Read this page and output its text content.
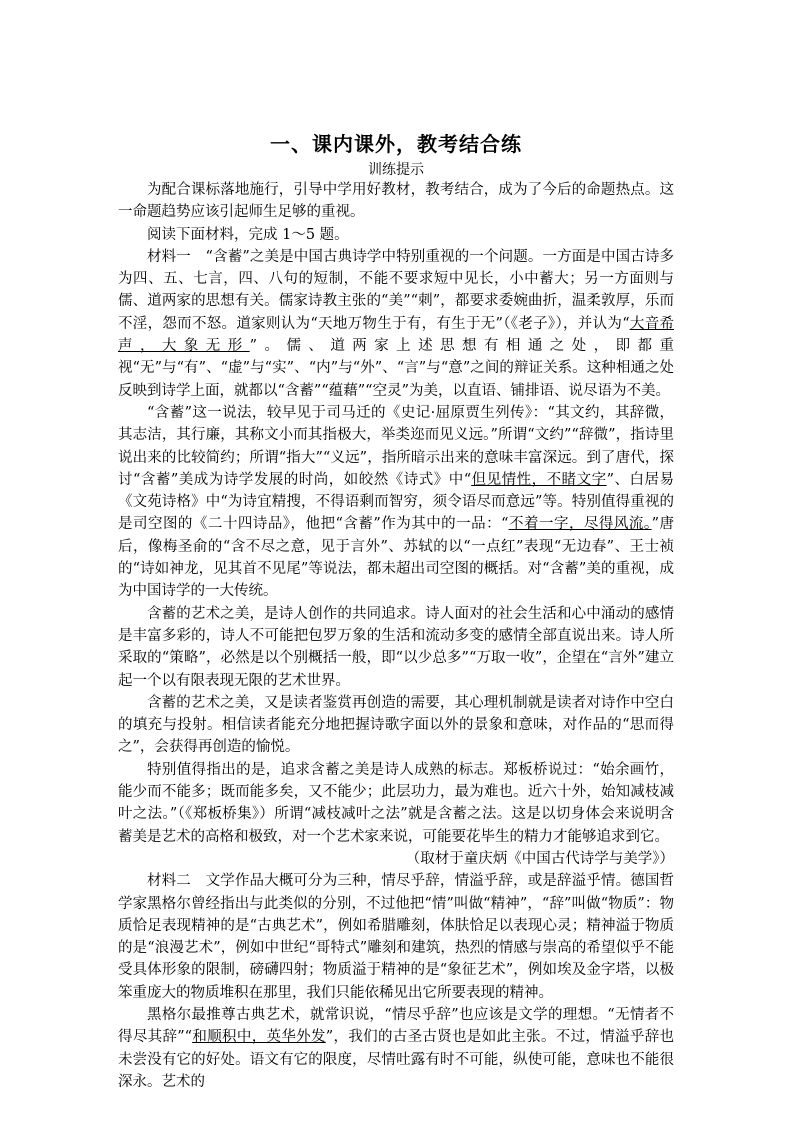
一、课内课外，教考结合练
训练提示

为配合课标落地施行，引导中学用好教材，教考结合，成为了今后的命题热点。这一命题趋势应该引起师生足够的重视。

阅读下面材料，完成 1～5 题。

材料一　“含蓄”之美是中国古典诗学中特别重视的一个问题。一方面是中国古诗多为四、五、七言，四、八句的短制，不能不要求短中见长，小中蓄大；另一方面则与儒、道两家的思想有关。儒家诗教主张的“美”“刺”，都要求委婉曲折，温柔敦厚，乐而不淫，怨而不怒。道家则认为“天地万物生于有，有生于无”（《老子》），并认为“大音希声，大象无形”。儒、道两家上述思想有相通之处，即都重视“无”与“有”、“虚”与“实”、“内”与“外”、“言”与“意”之间的辩证关系。这种相通之处反映到诗学上面，就都以“含蓄”“蕴藉”“空灵”为美，以直语、铺排语、说尽语为不美。

“含蓄”这一说法，较早见于司马迁的《史记·屈原贾生列传》：“其文约，其辞微，其志洁，其行廉，其称文小而其指极大，举类迩而见义远。”所谓“文约”“辞微”，指诗里说出来的比较简约；所谓“指大”“义远”，指所暗示出来的意味丰富深远。到了唐代，探讨“含蓄”美成为诗学发展的时尚，如皎然《诗式》中“但见情性，不睹文字”、白居易《文苑诗格》中“为诗宜精搜，不得语剩而智穷，须令语尽而意远”等。特别值得重视的是司空图的《二十四诗品》，他把“含蓄”作为其中的一品：“不着一字，尽得风流。”唐后，像梅圣俞的“含不尽之意，见于言外”、苏轼的以“一点红”表现“无边春”、王士祯的“诗如神龙，见其首不见尾”等说法，都未超出司空图的概括。对“含蓄”美的重视，成为中国诗学的一大传统。

含蓄的艺术之美，是诗人创作的共同追求。诗人面对的社会生活和心中涌动的感情是丰富多彩的，诗人不可能把包罗万象的生活和流动多变的感情全部直说出来。诗人所采取的“策略”，必然是以个别概括一般，即“以少总多”“万取一收”，企望在“言外”建立起一个以有限表现无限的艺术世界。

含蓄的艺术之美，又是读者鉴赏再创造的需要，其心理机制就是读者对诗作中空白的填充与投射。相信读者能充分地把握诗歌字面以外的景象和意味，对作品的“思而得之”，会获得再创造的愉悦。

特别值得指出的是，追求含蓄之美是诗人成熟的标志。郑板桥说过：“始余画竹，能少而不能多；既而能多矣，又不能少；此层功力，最为难也。近六十外，始知减枝减叶之法。”（《郑板桥集》）所谓“减枝减叶之法”就是含蓄之法。这是以切身体会来说明含蓄美是艺术的高格和极致，对一个艺术家来说，可能要花毕生的精力才能够追求到它。

（取材于童庆炳《中国古代诗学与美学》）

材料二　文学作品大概可分为三种，情尽乎辞，情溢乎辞，或是辞溢乎情。德国哲学家黑格尔曾经指出与此类似的分别，不过他把“情”叫做“精神”，“辞”叫做“物质”：物质恰足表现精神的是“古典艺术”，例如希腊雕刻，体肤恰足以表现心灵；精神溢于物质的是“浪漫艺术”，例如中世纪“哥特式”雕刻和建筑，热烈的情感与崇高的希望似乎不能受具体形象的限制，磅礴四射；物质溢于精神的是“象征艺术”，例如埃及金字塔，以极笨重庞大的物质堆积在那里，我们只能依稀见出它所要表现的精神。

黑格尔最推尊古典艺术，就常识说，“情尽乎辞”也应该是文学的理想。“无情者不得尽其辞”“和顺积中，英华外发”，我们的古圣古贤也是如此主张。不过，情溢乎辞也未尝没有它的好处。语文有它的限度，尽情吐露有时不可能，纵使可能，意味也不能很深永。艺术的
